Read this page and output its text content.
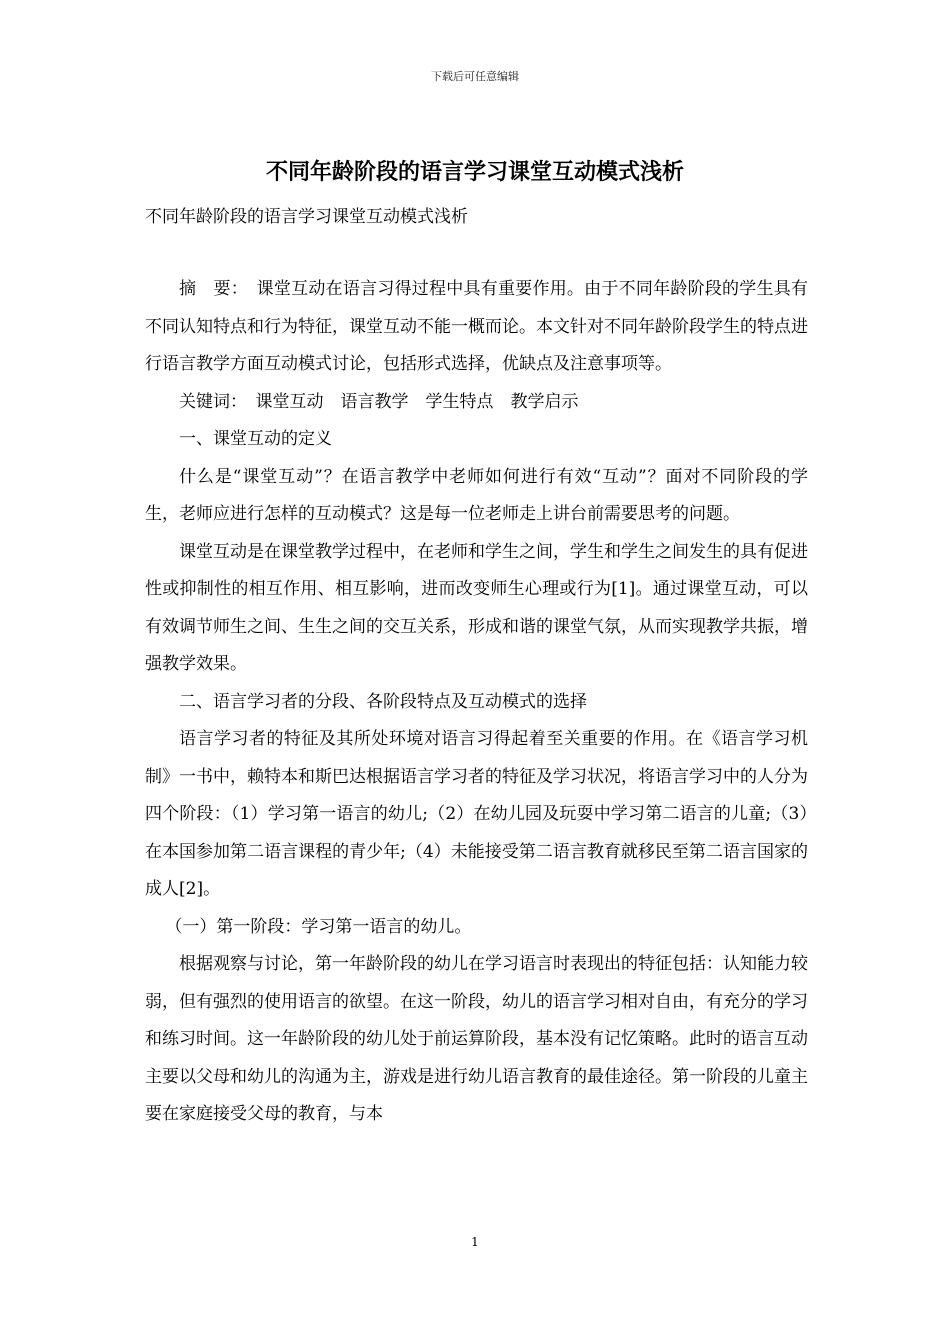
下载后可任意编辑
不同年龄阶段的语言学习课堂互动模式浅析
不同年龄阶段的语言学习课堂互动模式浅析

摘　要：　课堂互动在语言习得过程中具有重要作用。由于不同年龄阶段的学生具有不同认知特点和行为特征，课堂互动不能一概而论。本文针对不同年龄阶段学生的特点进行语言教学方面互动模式讨论，包括形式选择，优缺点及注意事项等。

关键词：　课堂互动　语言教学　学生特点　教学启示

一、课堂互动的定义

什么是“课堂互动”？在语言教学中老师如何进行有效“互动”？面对不同阶段的学生，老师应进行怎样的互动模式？这是每一位老师走上讲台前需要思考的问题。

课堂互动是在课堂教学过程中，在老师和学生之间，学生和学生之间发生的具有促进性或抑制性的相互作用、相互影响，进而改变师生心理或行为[1]。通过课堂互动，可以有效调节师生之间、生生之间的交互关系，形成和谐的课堂气氛，从而实现教学共振，增强教学效果。

二、语言学习者的分段、各阶段特点及互动模式的选择

语言学习者的特征及其所处环境对语言习得起着至关重要的作用。在《语言学习机制》一书中，赖特本和斯巴达根据语言学习者的特征及学习状况，将语言学习中的人分为四个阶段：（1）学习第一语言的幼儿;（2）在幼儿园及玩耍中学习第二语言的儿童;（3）在本国参加第二语言课程的青少年;（4）未能接受第二语言教育就移民至第二语言国家的成人[2]。

（一）第一阶段：学习第一语言的幼儿。

根据观察与讨论，第一年龄阶段的幼儿在学习语言时表现出的特征包括：认知能力较弱，但有强烈的使用语言的欲望。在这一阶段，幼儿的语言学习相对自由，有充分的学习和练习时间。这一年龄阶段的幼儿处于前运算阶段，基本没有记忆策略。此时的语言互动主要以父母和幼儿的沟通为主，游戏是进行幼儿语言教育的最佳途径。第一阶段的儿童主要在家庭接受父母的教育，与本

1
